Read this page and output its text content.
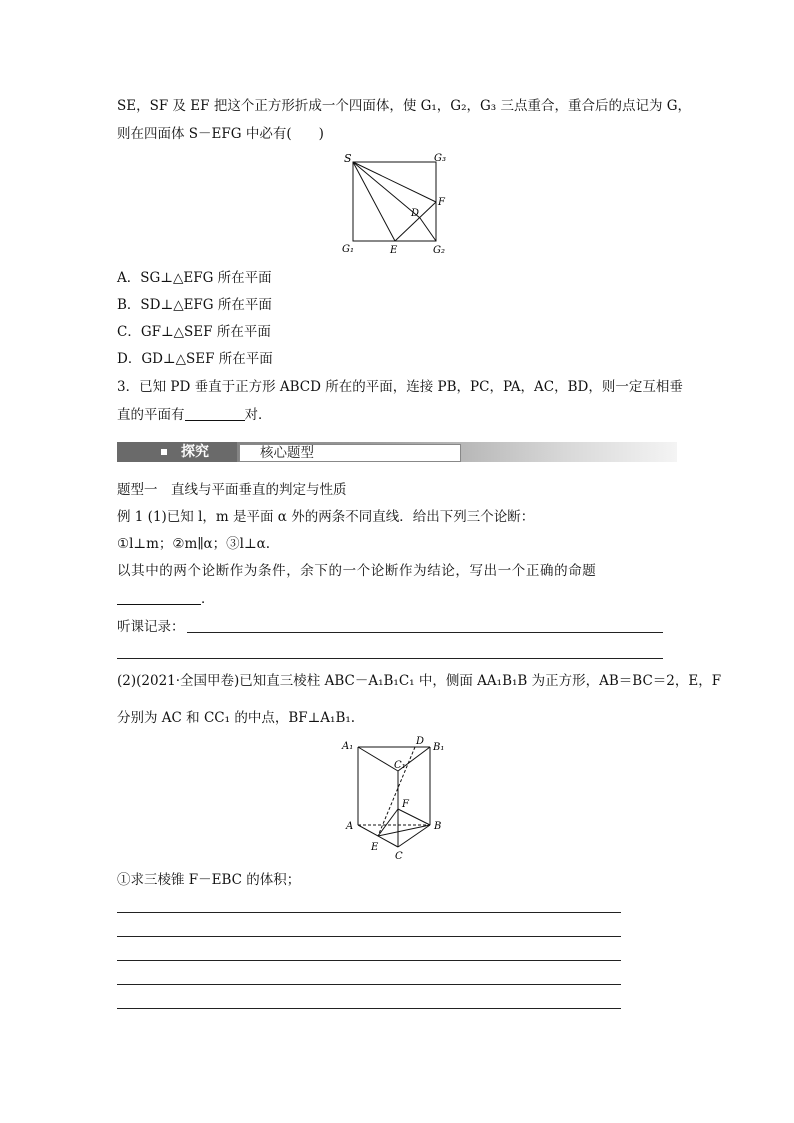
SE，SF 及 EF 把这个正方形折成一个四面体，使 G₁，G₂，G₃ 三点重合，重合后的点记为 G，
则在四面体 S－EFG 中必有(　　)
S	G₃
F
D
G₁	E	G₂
A．SG⊥△EFG 所在平面
B．SD⊥△EFG 所在平面
C．GF⊥△SEF 所在平面
D．GD⊥△SEF 所在平面
3．已知 PD 垂直于正方形 ABCD 所在的平面，连接 PB，PC，PA，AC，BD，则一定互相垂
直的平面有	对．
探究	核心题型
题型一　直线与平面垂直的判定与性质
例 1 (1)已知 l，m 是平面 α 外的两条不同直线．给出下列三个论断：
①l⊥m；②m∥α；③l⊥α.
以其中的两个论断作为条件，余下的一个论断作为结论，写出一个正确的命题
．
听课记录：
(2)(2021·全国甲卷)已知直三棱柱 ABC－A₁B₁C₁ 中，侧面 AA₁B₁B 为正方形，AB＝BC＝2，E，F
分别为 AC 和 CC₁ 的中点，BF⊥A₁B₁.
A₁	D
B₁
C₁
F
A	B
E
C
①求三棱锥 F－EBC 的体积；
